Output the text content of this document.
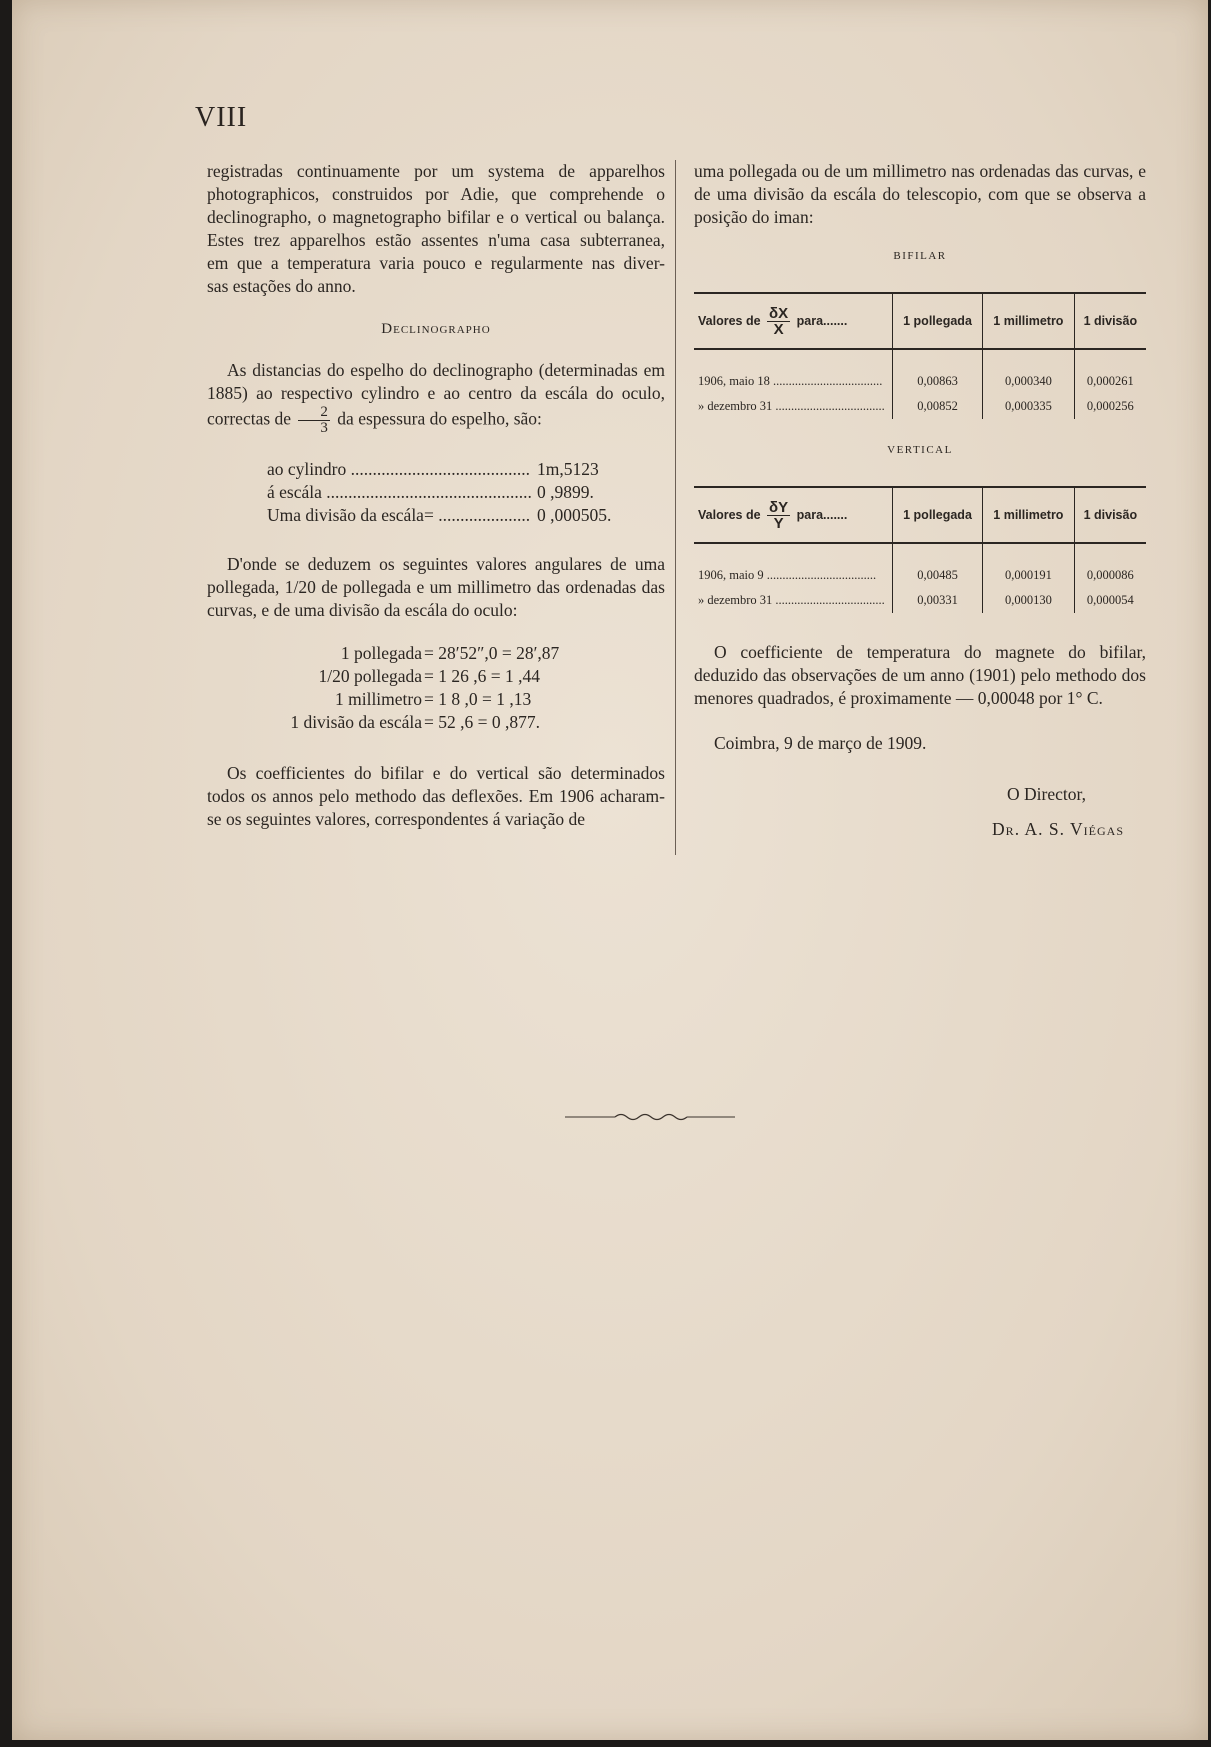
VIII

registradas continuamente por um systema de apparelhos

photographicos, construidos por Adie, que comprehende o

declinographo, o magnetographo bifilar e o vertical ou balança.

Estes trez apparelhos estão assentes n'uma casa subterranea,

em que a temperatura varia pouco e regularmente nas diver-

sas estações do anno.

Declinographo

As distancias do espelho do declinographo (determinadas em 1885) ao respectivo cylindro e ao centro da escála do oculo, correctas de $\frac{2}{3}$ da espessura do espelho, são:

ao cylindro .....	1m,5123
á escála .....	0 ,9899.
Uma divisão da escála= .....	0 ,000505.

D'onde se deduzem os seguintes valores angulares de uma pollegada, 1/20 de pollegada e um millimetro das ordenadas das curvas, e de uma divisão da escála do oculo:

1 pollegada = 28′52″,0 = 28′,87
1/20 pollegada = 1 26 ,6 = 1 ,44
1 millimetro = 1 8 ,0 = 1 ,13
1 divisão da escála = 52 ,6 = 0 ,877.

Os coefficientes do bifilar e do vertical são determinados todos os annos pelo methodo das deflexões. Em 1906 acharam-se os seguintes valores, correspondentes á variação de

uma pollegada ou de um millimetro nas ordenadas das curvas, e de uma divisão da escála do telescopio, com que se observa a posição do iman:

BIFILAR

Valores de $\frac{\delta X}{X}$ para.......	1 pollegada	1 millimetro	1 divisão
1906, maio 18 .....	0,00863	0,000340	0,000261
» dezembro 31 .....	0,00852	0,000335	0,000256

VERTICAL

Valores de $\frac{\delta Y}{Y}$ para.......	1 pollegada	1 millimetro	1 divisão
1906, maio 9 .....	0,00485	0,000191	0,000086
» dezembro 31 .....	0,00331	0,000130	0,000054

O coefficiente de temperatura do magnete do bifilar, deduzido das observações de um anno (1901) pelo methodo dos menores quadrados, é proximamente — 0,00048 por 1° C.

Coimbra, 9 de março de 1909.

O Director,

Dr. A. S. Viégas
